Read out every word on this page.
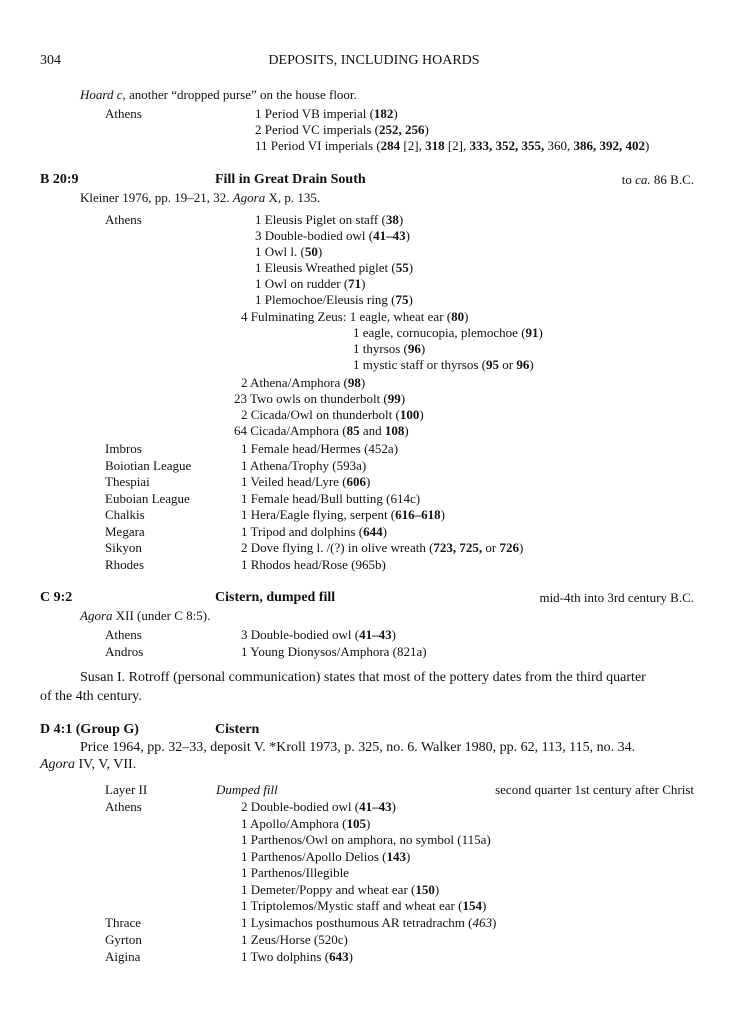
304	DEPOSITS, INCLUDING HOARDS
Hoard c, another “dropped purse” on the house floor.
Athens	1 Period VB imperial (182)
2 Period VC imperials (252, 256)
11 Period VI imperials (284 [2], 318 [2], 333, 352, 355, 360, 386, 392, 402)
B 20:9	Fill in Great Drain South	to ca. 86 B.C.
Kleiner 1976, pp. 19–21, 32. Agora X, p. 135.
Athens	1 Eleusis Piglet on staff (38)
3 Double-bodied owl (41–43)
1 Owl l. (50)
1 Eleusis Wreathed piglet (55)
1 Owl on rudder (71)
1 Plemochoe/Eleusis ring (75)
4 Fulminating Zeus: 1 eagle, wheat ear (80)
1 eagle, cornucopia, plemochoe (91)
1 thyrsos (96)
1 mystic staff or thyrsos (95 or 96)
2 Athena/Amphora (98)
23 Two owls on thunderbolt (99)
2 Cicada/Owl on thunderbolt (100)
64 Cicada/Amphora (85 and 108)
Imbros	1 Female head/Hermes (452a)
Boiotian League	1 Athena/Trophy (593a)
Thespiai	1 Veiled head/Lyre (606)
Euboian League	1 Female head/Bull butting (614c)
Chalkis	1 Hera/Eagle flying, serpent (616–618)
Megara	1 Tripod and dolphins (644)
Sikyon	2 Dove flying l. /(?) in olive wreath (723, 725, or 726)
Rhodes	1 Rhodos head/Rose (965b)
C 9:2	Cistern, dumped fill	mid-4th into 3rd century B.C.
Agora XII (under C 8:5).
Athens	3 Double-bodied owl (41–43)
Andros	1 Young Dionysos/Amphora (821a)
Susan I. Rotroff (personal communication) states that most of the pottery dates from the third quarter
of the 4th century.
D 4:1 (Group G)	Cistern
Price 1964, pp. 32–33, deposit V. *Kroll 1973, p. 325, no. 6. Walker 1980, pp. 62, 113, 115, no. 34.
Agora IV, V, VII.
Layer II	Dumped fill	second quarter 1st century after Christ
Athens	2 Double-bodied owl (41–43)
1 Apollo/Amphora (105)
1 Parthenos/Owl on amphora, no symbol (115a)
1 Parthenos/Apollo Delios (143)
1 Parthenos/Illegible
1 Demeter/Poppy and wheat ear (150)
1 Triptolemos/Mystic staff and wheat ear (154)
Thrace	1 Lysimachos posthumous AR tetradrachm (463)
Gyrton	1 Zeus/Horse (520c)
Aigina	1 Two dolphins (643)
